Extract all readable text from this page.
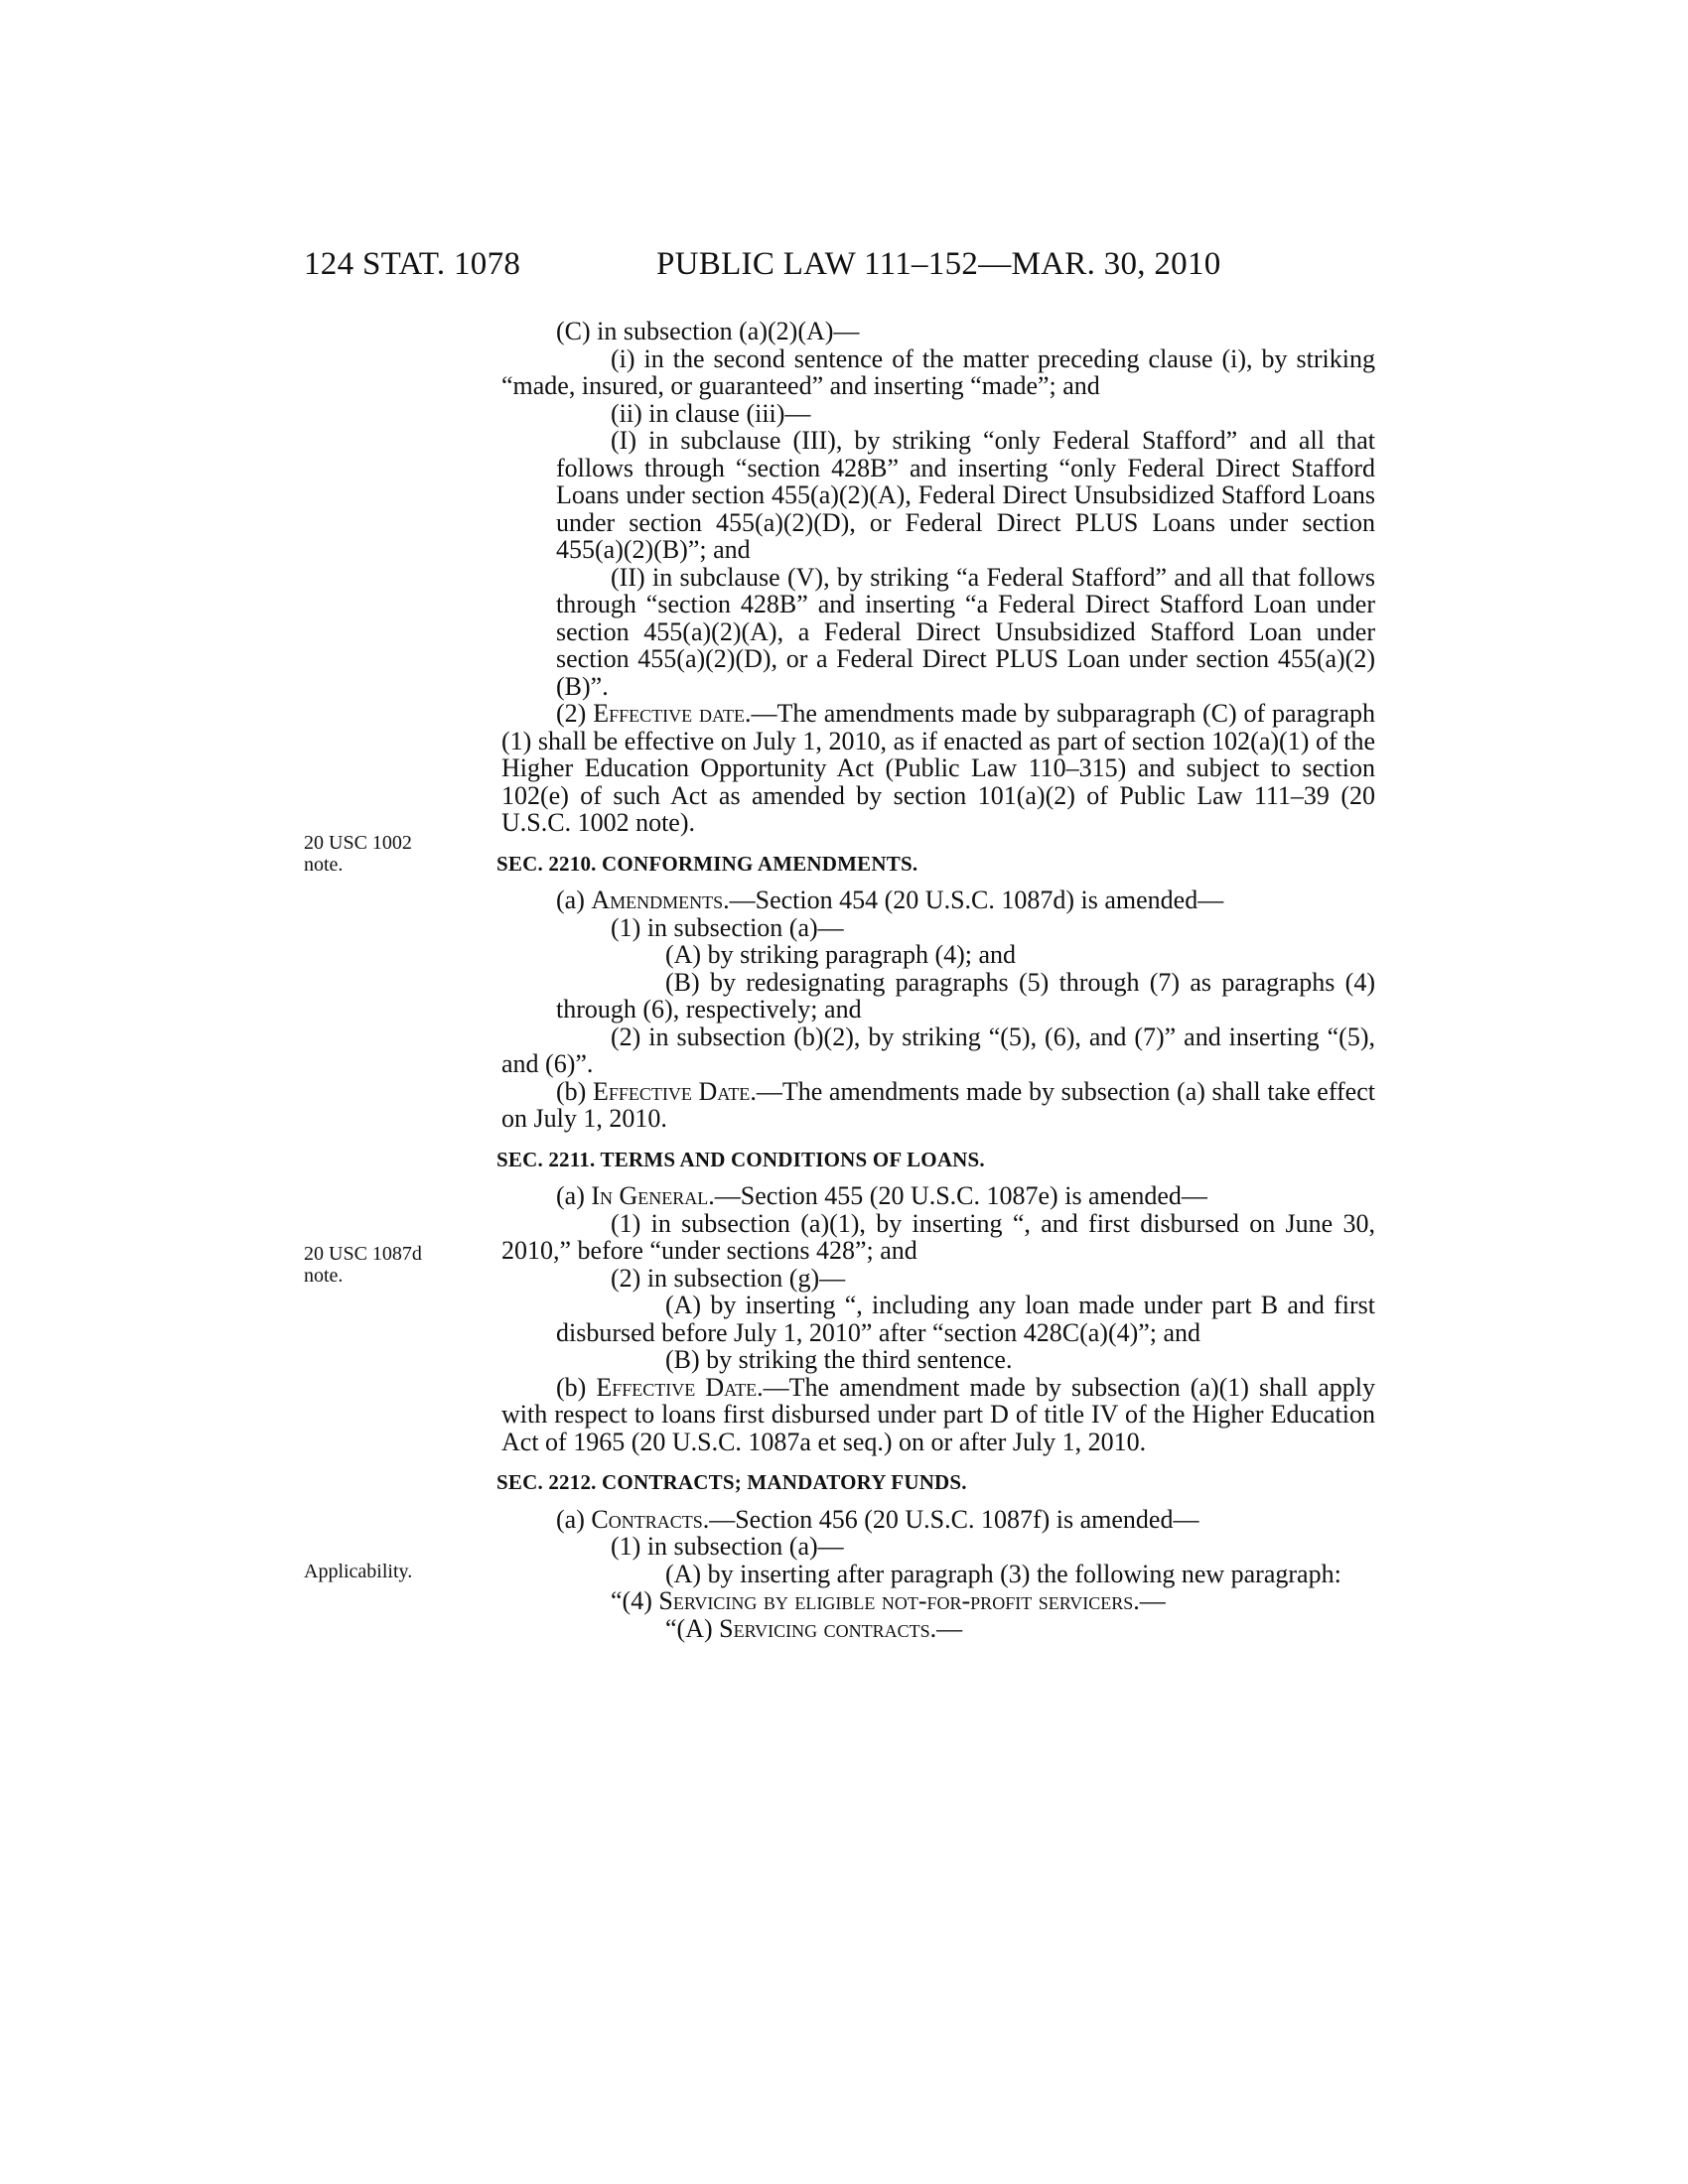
124 STAT. 1078	PUBLIC LAW 111–152—MAR. 30, 2010
20 USC 1002
note.
20 USC 1087d
note.
Applicability.

(C) in subsection (a)(2)(A)—

(i) in the second sentence of the matter preceding clause (i), by striking “made, insured, or guaranteed” and inserting “made”; and

(ii) in clause (iii)—

(I) in subclause (III), by striking “only Federal Stafford” and all that follows through “section 428B” and inserting “only Federal Direct Stafford Loans under section 455(a)(2)(A), Federal Direct Unsubsidized Stafford Loans under section 455(a)(2)(D), or Federal Direct PLUS Loans under section 455(a)(2)(B)”; and

(II) in subclause (V), by striking “a Federal Stafford” and all that follows through “section 428B” and inserting “a Federal Direct Stafford Loan under section 455(a)(2)(A), a Federal Direct Unsubsidized Stafford Loan under section 455(a)(2)(D), or a Federal Direct PLUS Loan under section 455(a)(2)(B)”.

(2) Effective date.—The amendments made by subparagraph (C) of paragraph (1) shall be effective on July 1, 2010, as if enacted as part of section 102(a)(1) of the Higher Education Opportunity Act (Public Law 110–315) and subject to section 102(e) of such Act as amended by section 101(a)(2) of Public Law 111–39 (20 U.S.C. 1002 note).

SEC. 2210. CONFORMING AMENDMENTS.

(a) Amendments.—Section 454 (20 U.S.C. 1087d) is amended—

(1) in subsection (a)—

(A) by striking paragraph (4); and

(B) by redesignating paragraphs (5) through (7) as paragraphs (4) through (6), respectively; and

(2) in subsection (b)(2), by striking “(5), (6), and (7)” and inserting “(5), and (6)”.

(b) Effective Date.—The amendments made by subsection (a) shall take effect on July 1, 2010.

SEC. 2211. TERMS AND CONDITIONS OF LOANS.

(a) In General.—Section 455 (20 U.S.C. 1087e) is amended—

(1) in subsection (a)(1), by inserting “, and first disbursed on June 30, 2010,” before “under sections 428”; and

(2) in subsection (g)—

(A) by inserting “, including any loan made under part B and first disbursed before July 1, 2010” after “section 428C(a)(4)”; and

(B) by striking the third sentence.

(b) Effective Date.—The amendment made by subsection (a)(1) shall apply with respect to loans first disbursed under part D of title IV of the Higher Education Act of 1965 (20 U.S.C. 1087a et seq.) on or after July 1, 2010.

SEC. 2212. CONTRACTS; MANDATORY FUNDS.

(a) Contracts.—Section 456 (20 U.S.C. 1087f) is amended—

(1) in subsection (a)—

(A) by inserting after paragraph (3) the following new paragraph:

“(4) Servicing by eligible not-for-profit servicers.—

“(A) Servicing contracts.—
